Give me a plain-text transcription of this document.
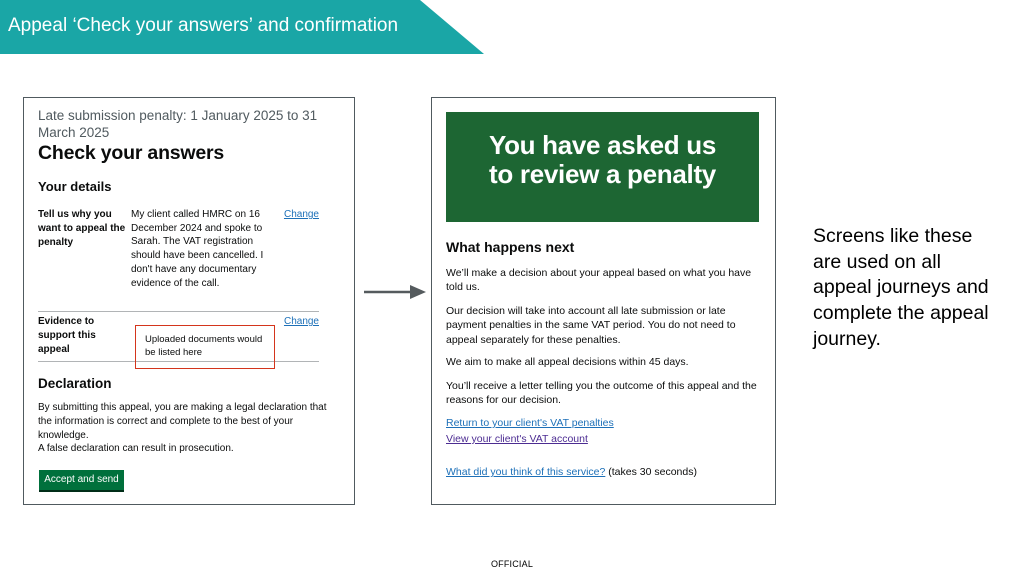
Appeal ‘Check your answers’ and confirmation
Late submission penalty: 1 January 2025 to 31 March 2025
Check your answers
Your details
Tell us why you want to appeal the penalty
My client called HMRC on 16 December 2024 and spoke to Sarah. The VAT registration should have been cancelled. I don't have any documentary evidence of the call.
Change
Evidence to support this appeal
Change
Uploaded documents would be listed here
Declaration
By submitting this appeal, you are making a legal declaration that the information is correct and complete to the best of your knowledge.
A false declaration can result in prosecution.
Accept and send
You have asked us
to review a penalty
What happens next
We’ll make a decision about your appeal based on what you have told us.
Our decision will take into account all late submission or late payment penalties in the same VAT period. You do not need to appeal separately for these penalties.
We aim to make all appeal decisions within 45 days.
You’ll receive a letter telling you the outcome of this appeal and the reasons for our decision.
Return to your client's VAT penalties
View your client's VAT account
What did you think of this service? (takes 30 seconds)
Screens like these are used on all appeal journeys and complete the appeal journey.
OFFICIAL
